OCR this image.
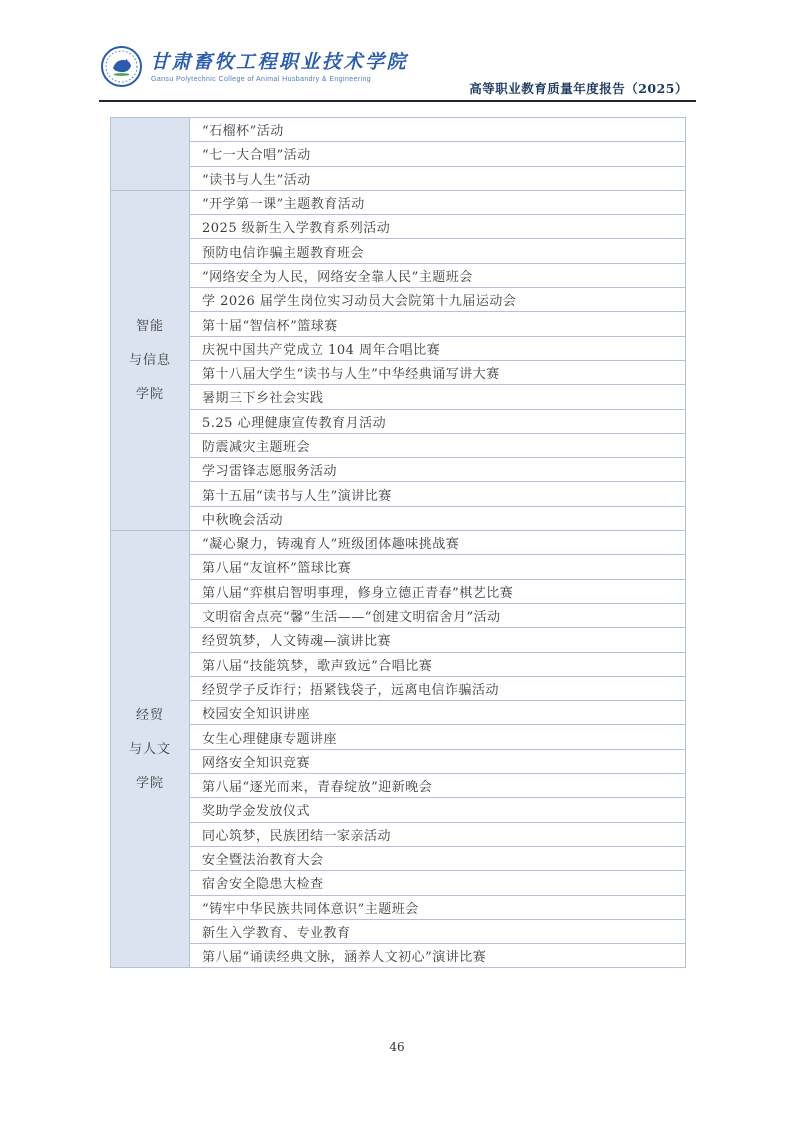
甘肃畜牧工程职业技术学院
Gansu Polytechnic College of Animal Husbandry & Engineering
高等职业教育质量年度报告（2025）
	“石榴杯”活动
	“七一大合唱”活动
	“读书与人生”活动

智能
与信息
学院	“开学第一课”主题教育活动
	2025 级新生入学教育系列活动
	预防电信诈骗主题教育班会
	“网络安全为人民，网络安全靠人民”主题班会
	学 2026 届学生岗位实习动员大会院第十九届运动会
	第十届“智信杯”篮球赛
	庆祝中国共产党成立 104 周年合唱比赛
	第十八届大学生“读书与人生”中华经典诵写讲大赛
	暑期三下乡社会实践
	5.25 心理健康宣传教育月活动
	防震减灾主题班会
	学习雷锋志愿服务活动
	第十五届“读书与人生”演讲比赛
	中秋晚会活动

经贸
与人文
学院	“凝心聚力，铸魂育人”班级团体趣味挑战赛
	第八届“友谊杯”篮球比赛
	第八届“弈棋启智明事理，修身立德正青春”棋艺比赛
	文明宿舍点亮“馨”生活——“创建文明宿舍月”活动
	经贸筑梦，人文铸魂—演讲比赛
	第八届“技能筑梦，歌声致远”合唱比赛
	经贸学子反诈行；捂紧钱袋子，远离电信诈骗活动
	校园安全知识讲座
	女生心理健康专题讲座
	网络安全知识竞赛
	第八届“逐光而来，青春绽放”迎新晚会
	奖助学金发放仪式
	同心筑梦，民族团结一家亲活动
	安全暨法治教育大会
	宿舍安全隐患大检查
	“铸牢中华民族共同体意识”主题班会
	新生入学教育、专业教育
	第八届“诵读经典文脉，涵养人文初心”演讲比赛
46
